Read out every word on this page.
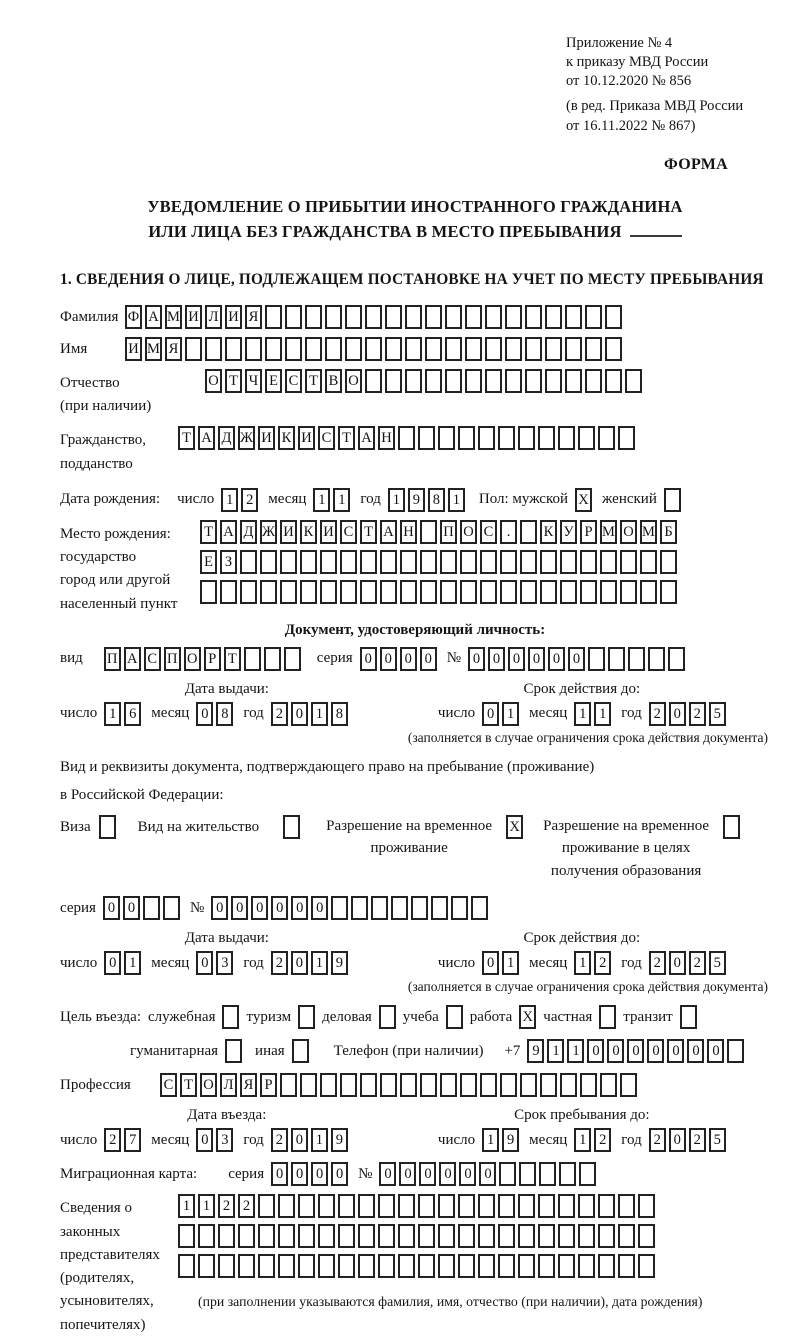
Приложение № 4
к приказу МВД России
от 10.12.2020 № 856
(в ред. Приказа МВД России
от 16.11.2022 № 867)
ФОРМА
УВЕДОМЛЕНИЕ О ПРИБЫТИИ ИНОСТРАННОГО ГРАЖДАНИНА
ИЛИ ЛИЦА БЕЗ ГРАЖДАНСТВА В МЕСТО ПРЕБЫВАНИЯ
1. СВЕДЕНИЯ О ЛИЦЕ, ПОДЛЕЖАЩЕМ ПОСТАНОВКЕ НА УЧЕТ ПО МЕСТУ ПРЕБЫВАНИЯ
Фамилия Ф А М И Л И Я
Имя	И М Я
Отчество
(при наличии)
О Т Ч Е С Т В О
Гражданство,
подданство
Т А Д Ж И К И С Т А Н
Дата рождения: число 1 2 месяц 1 1 год 1 9 8 1	Пол: мужской X женский
Место рождения:
государство
город или другой
населенный пункт
Т А Д Ж И К И С Т А Н П О С .	К У Р М О М Б
Е З
Документ, удостоверяющий личность:
вид П А С П О Р Т	серия 0 0 0 0 № 0 0 0 0 0 0
Дата выдачи:
число 1 6 месяц 0 8 год 2 0 1 8
Срок действия до:
число 0 1 месяц 1 1 год 2 0 2 5
(заполняется в случае ограничения срока действия документа)
Вид и реквизиты документа, подтверждающего право на пребывание (проживание)
в Российской Федерации:
Виза	Вид на жительство	Разрешение на временное проживание
X	Разрешение на временное проживание в целях получения образования
серия 0 0	№ 0 0 0 0 0 0
Дата выдачи:
число 0 1 месяц 0 3 год 2 0 1 9
Срок действия до:
число 0 1 месяц 1 2 год 2 0 2 5
(заполняется в случае ограничения срока действия документа)
Цель въезда: служебная туризм деловая учеба работа X частная транзит
гуманитарная иная	Телефон (при наличии) +7 9 1 1 0 0 0 0 0 0 0
Профессия	С Т О Л Я Р
Дата въезда:
число 2 7 месяц 0 3 год 2 0 1 9
Срок пребывания до:
число 1 9 месяц 1 2 год 2 0 2 5
Миграционная карта: серия 0 0 0 0 № 0 0 0 0 0 0
Сведения о
законных
представителях
(родителях,
усыновителях,
попечителях)
1 1 2 2
(при заполнении указываются фамилия, имя, отчество (при наличии), дата рождения)
